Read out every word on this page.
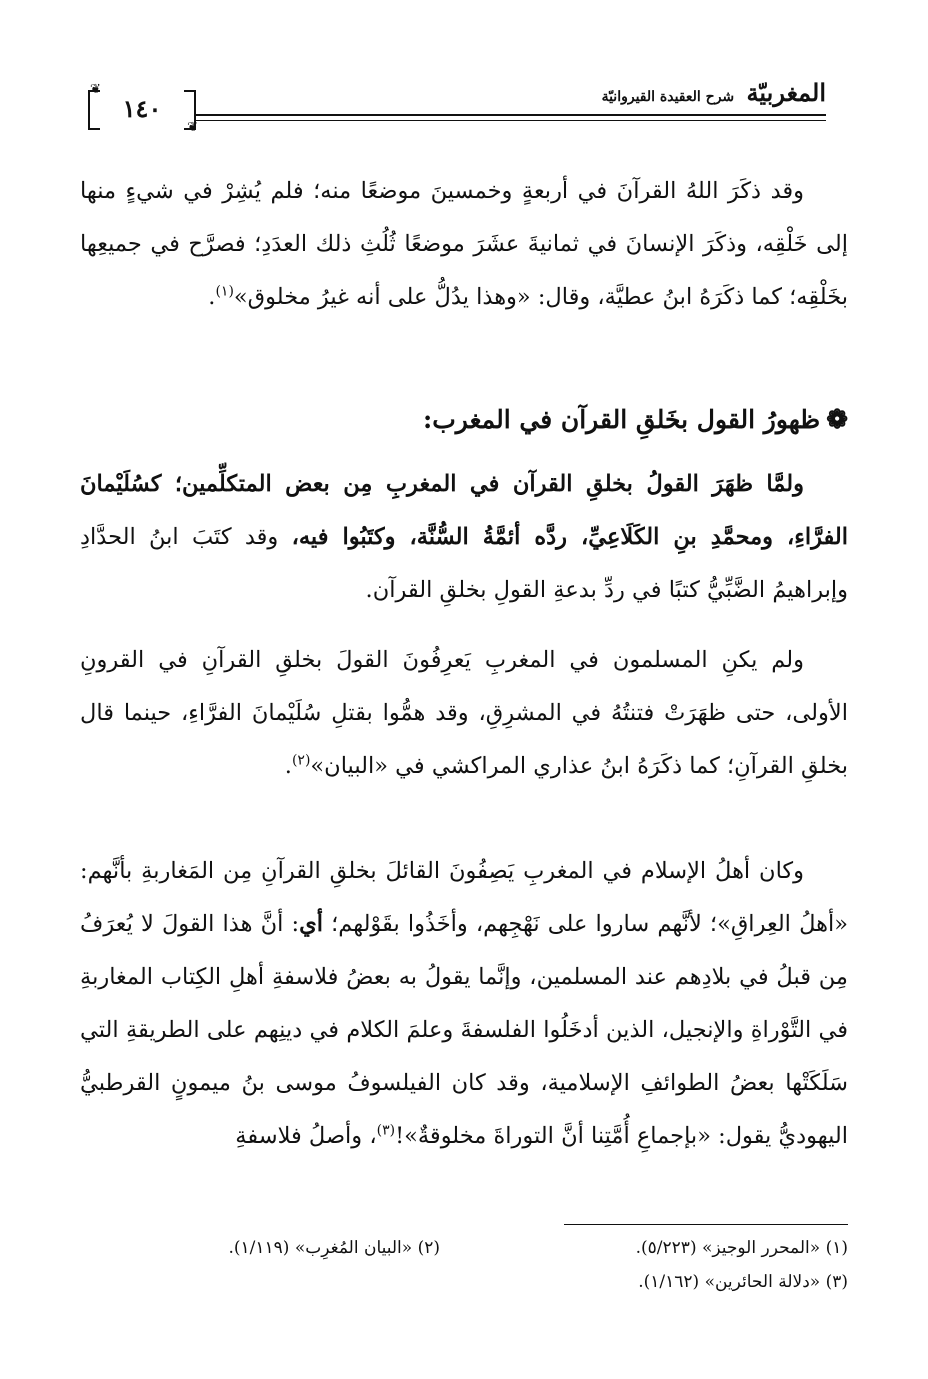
المغربيّة شرح العقيدة القيروانيّة
١٤٠
❦
❦

وقد ذكَرَ اللهُ القرآنَ في أربعةٍ وخمسينَ موضعًا منه؛ فلم يُشِرْ في شيءٍ منها إلى خَلْقِه، وذكَرَ الإنسانَ في ثمانيةَ عشَرَ موضعًا ثُلُثِ ذلك العدَدِ؛ فصرَّح في جميعِها بخَلْقِه؛ كما ذكَرَهُ ابنُ عطيَّة، وقال: «وهذا يدُلُّ على أنه غيرُ مخلوق»$^{(١)}$.

❁ظهورُ القول بخَلقِ القرآن في المغرب:

ولمَّا ظهَرَ القولُ بخلقِ القرآن في المغربِ مِن بعض المتكلِّمين؛ كسُلَيْمانَ الفرَّاءِ، ومحمَّدِ بنِ الكَلَاعِيِّ، ردَّه أئمَّةُ السُّنَّة، وكتَبُوا فيه، وقد كتَبَ ابنُ الحدَّادِ وإبراهيمُ الضَّبِّيُّ كتبًا في ردِّ بدعةِ القولِ بخلقِ القرآن.

ولم يكنِ المسلمون في المغربِ يَعرِفُونَ القولَ بخلقِ القرآنِ في القرونِ الأولى، حتى ظهَرَتْ فتنتُهُ في المشرِقِ، وقد همُّوا بقتلِ سُلَيْمانَ الفرَّاءِ، حينما قال بخلقِ القرآنِ؛ كما ذكَرَهُ ابنُ عذاري المراكشي في «البيان»$^{(٢)}$.

وكان أهلُ الإسلام في المغربِ يَصِفُونَ القائلَ بخلقِ القرآنِ مِن المَغاربةِ بأنَّهم: «أهلُ العِراقِ»؛ لأنَّهم ساروا على نَهْجِهم، وأخَذُوا بقَوْلهم؛ أي: أنَّ هذا القولَ لا يُعرَفُ مِن قبلُ في بلادِهم عند المسلمين، وإنَّما يقولُ به بعضُ فلاسفةِ أهلِ الكِتاب المغاربةِ في التَّوْراةِ والإنجيل، الذين أدخَلُوا الفلسفةَ وعلمَ الكلام في دينِهم على الطريقةِ التي سَلَكَتْها بعضُ الطوائفِ الإسلامية، وقد كان الفيلسوفُ موسى بنُ ميمونٍ القرطبيُّ اليهوديُّ يقول: «بإجماعِ أُمَّتِنا أنَّ التوراةَ مخلوقةٌ»!$^{(٣)}$، وأصلُ فلاسفةِ

(١) «المحرر الوجيز» (٥/٢٢٣).
(٢) «البيان المُغرِب» (١/١١٩).
(٣) «دلالة الحائرين» (١/١٦٢).
